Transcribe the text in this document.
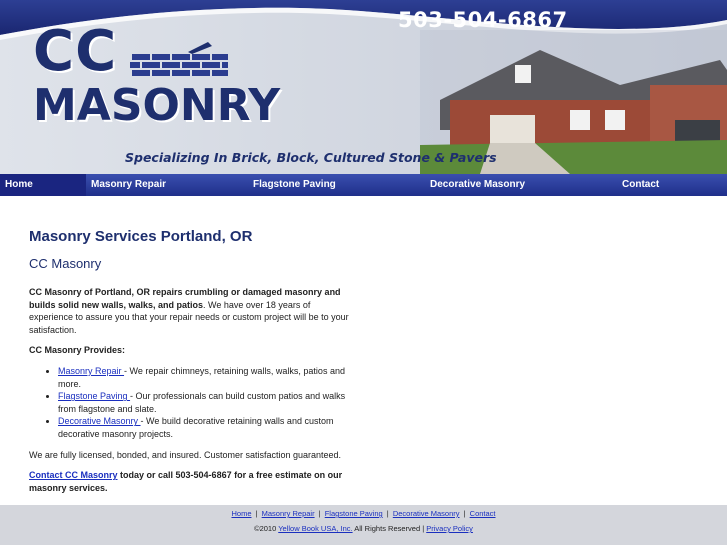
503-504-6867
CC
MASONRY
Specializing In Brick, Block, Cultured Stone & Pavers
Home	Masonry Repair	Flagstone Paving	Decorative Masonry	Contact
Masonry Services Portland, OR
CC Masonry

CC Masonry of Portland, OR repairs crumbling or damaged masonry and builds solid new walls, walks, and patios. We have over 18 years of experience to assure you that your repair needs or custom project will be to your satisfaction.

CC Masonry Provides:

• Masonry Repair - We repair chimneys, retaining walls, walks, patios and more.
• Flagstone Paving - Our professionals can build custom patios and walks from flagstone and slate.
• Decorative Masonry - We build decorative retaining walls and custom decorative masonry projects.

We are fully licensed, bonded, and insured. Customer satisfaction guaranteed.

Contact CC Masonry today or call 503-504-6867 for a free estimate on our masonry services.

Home | Masonry Repair | Flagstone Paving | Decorative Masonry | Contact
©2010 Yellow Book USA, Inc. All Rights Reserved | Privacy Policy
